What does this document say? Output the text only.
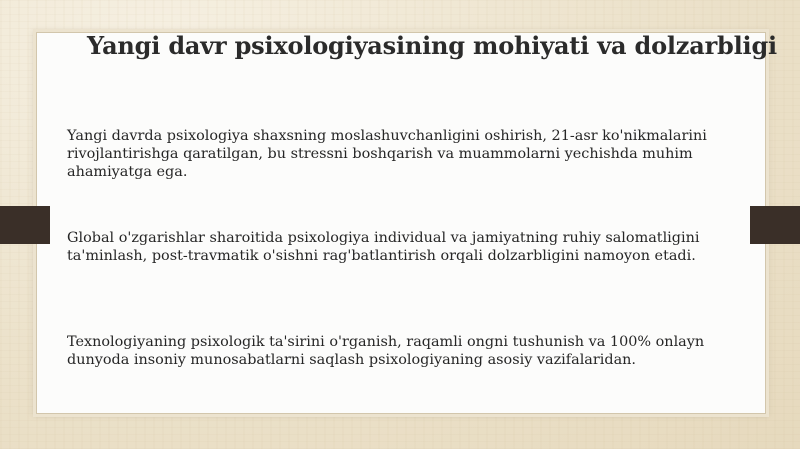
Yangi davr psixologiyasining mohiyati va dolzarbligi

Yangi davrda psixologiya shaxsning moslashuvchanligini oshirish, 21-asr ko'nikmalarini rivojlantirishga qaratilgan, bu stressni boshqarish va muammolarni yechishda muhim ahamiyatga ega.

Global o'zgarishlar sharoitida psixologiya individual va jamiyatning ruhiy salomatligini ta'minlash, post-travmatik o'sishni rag'batlantirish orqali dolzarbligini namoyon etadi.

Texnologiyaning psixologik ta'sirini o'rganish, raqamli ongni tushunish va 100% onlayn dunyoda insoniy munosabatlarni saqlash psixologiyaning asosiy vazifalaridan.
